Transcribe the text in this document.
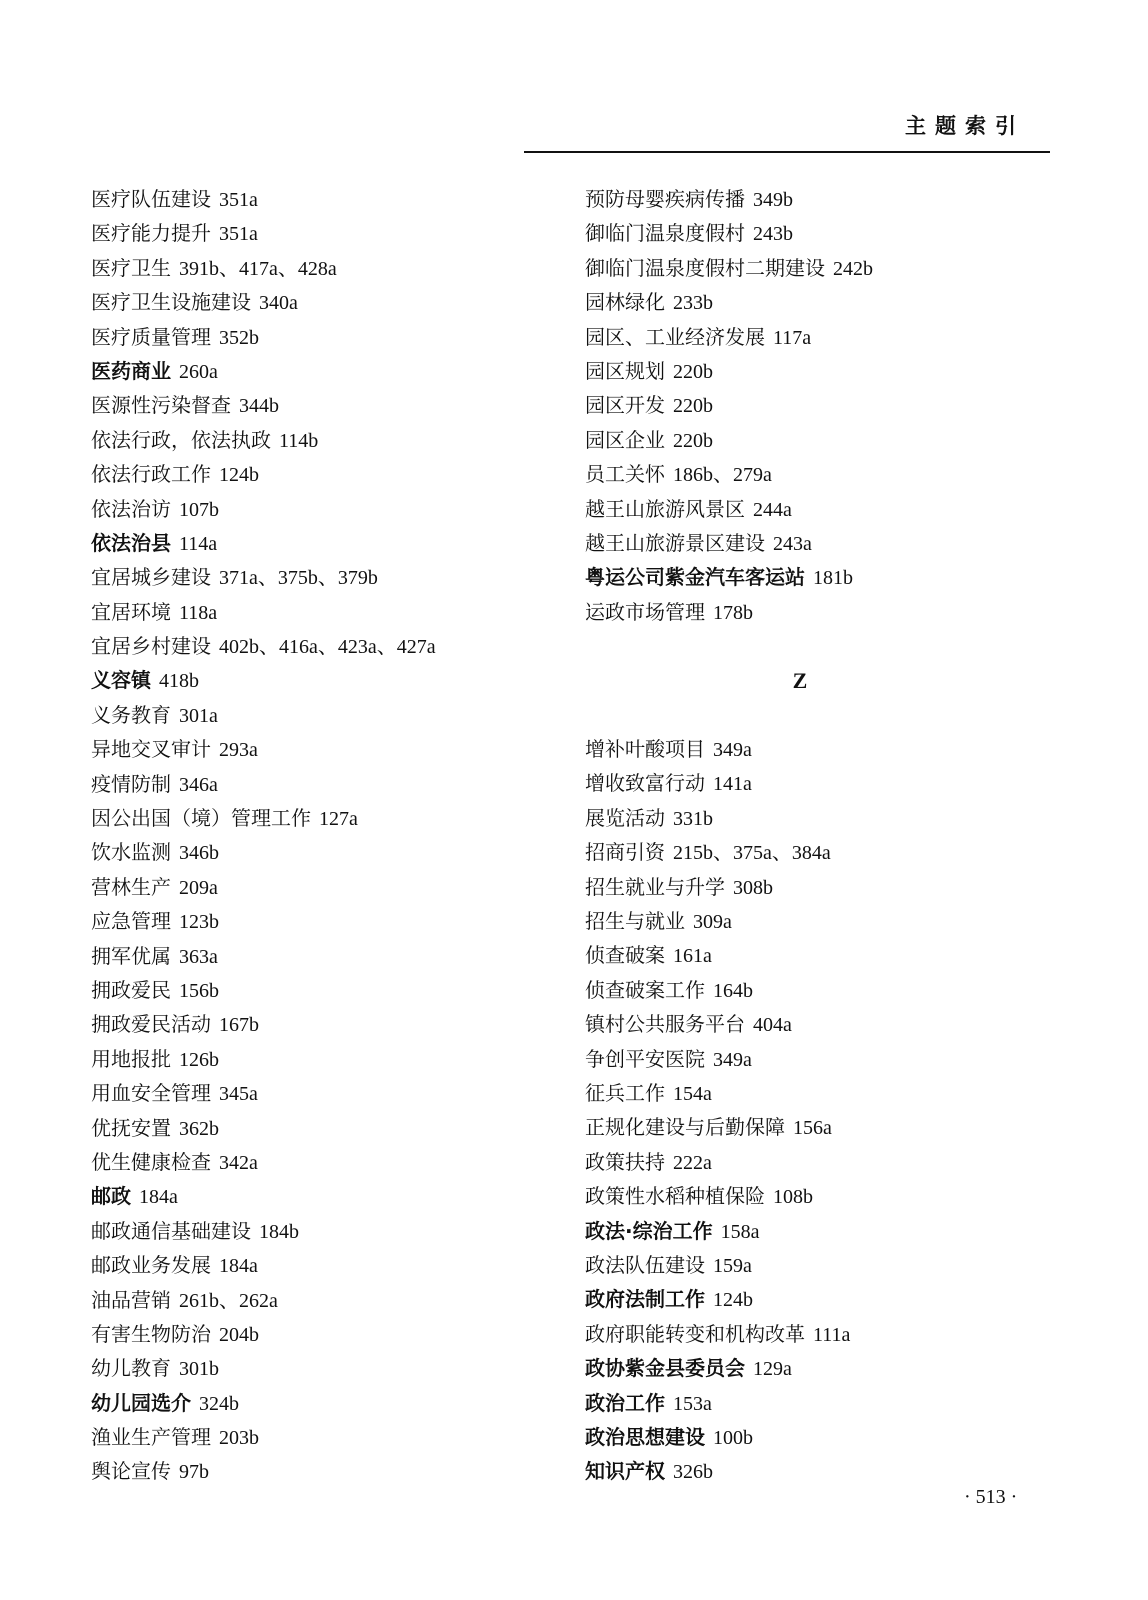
主题索引
医疗队伍建设 351a
医疗能力提升 351a
医疗卫生 391b、417a、428a
医疗卫生设施建设 340a
医疗质量管理 352b
医药商业 260a
医源性污染督查 344b
依法行政，依法执政 114b
依法行政工作 124b
依法治访 107b
依法治县 114a
宜居城乡建设 371a、375b、379b
宜居环境 118a
宜居乡村建设 402b、416a、423a、427a
义容镇 418b
义务教育 301a
异地交叉审计 293a
疫情防制 346a
因公出国（境）管理工作 127a
饮水监测 346b
营林生产 209a
应急管理 123b
拥军优属 363a
拥政爱民 156b
拥政爱民活动 167b
用地报批 126b
用血安全管理 345a
优抚安置 362b
优生健康检查 342a
邮政 184a
邮政通信基础建设 184b
邮政业务发展 184a
油品营销 261b、262a
有害生物防治 204b
幼儿教育 301b
幼儿园选介 324b
渔业生产管理 203b
舆论宣传 97b
预防母婴疾病传播 349b
御临门温泉度假村 243b
御临门温泉度假村二期建设 242b
园林绿化 233b
园区、工业经济发展 117a
园区规划 220b
园区开发 220b
园区企业 220b
员工关怀 186b、279a
越王山旅游风景区 244a
越王山旅游景区建设 243a
粤运公司紫金汽车客运站 181b
运政市场管理 178b
Z
增补叶酸项目 349a
增收致富行动 141a
展览活动 331b
招商引资 215b、375a、384a
招生就业与升学 308b
招生与就业 309a
侦查破案 161a
侦查破案工作 164b
镇村公共服务平台 404a
争创平安医院 349a
征兵工作 154a
正规化建设与后勤保障 156a
政策扶持 222a
政策性水稻种植保险 108b
政法·综治工作 158a
政法队伍建设 159a
政府法制工作 124b
政府职能转变和机构改革 111a
政协紫金县委员会 129a
政治工作 153a
政治思想建设 100b
知识产权 326b
· 513 ·
